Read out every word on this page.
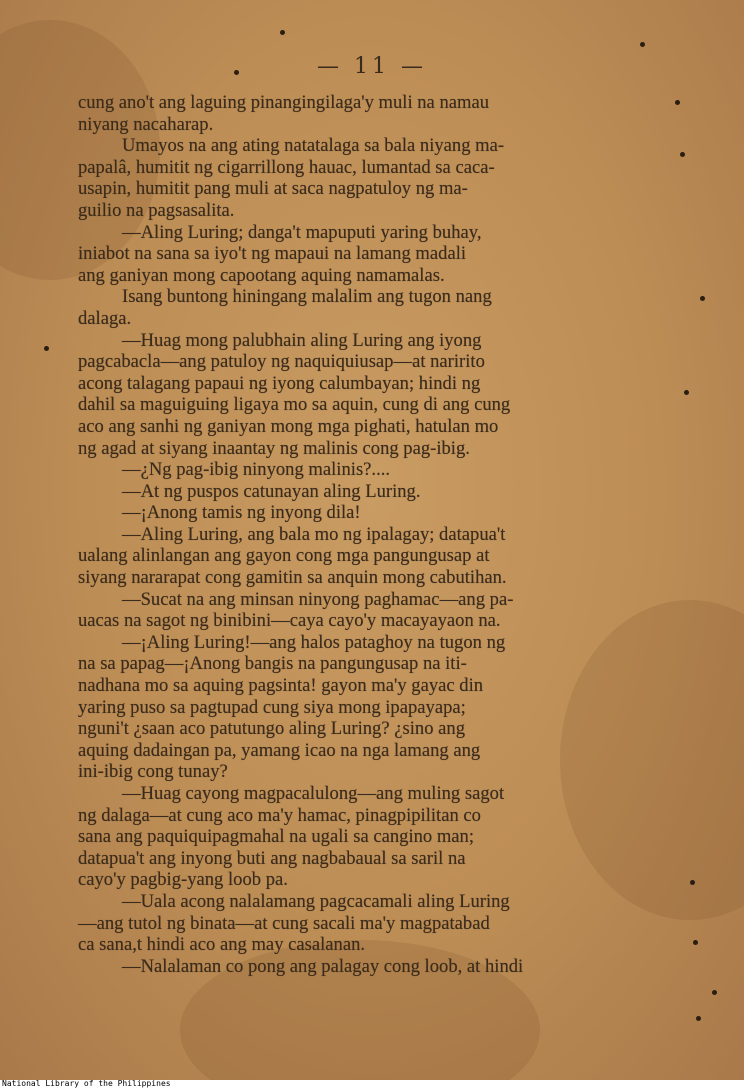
— 11 —
cung ano't ang laguing pinangingilaga'y muli na namau
niyang nacaharap.
Umayos na ang ating natatalaga sa bala niyang ma-
papalâ, humitit ng cigarrillong hauac, lumantad sa caca-
usapin, humitit pang muli at saca nagpatuloy ng ma-
guilio na pagsasalita.
—Aling Luring; danga't mapuputi yaring buhay,
iniabot na sana sa iyo't ng mapaui na lamang madali
ang ganiyan mong capootang aquing namamalas.
Isang buntong hiningang malalim ang tugon nang
dalaga.
—Huag mong palubhain aling Luring ang iyong
pagcabacla—ang patuloy ng naquiquiusap—at naririto
acong talagang papaui ng iyong calumbayan; hindi ng
dahil sa maguiguing ligaya mo sa aquin, cung di ang cung
aco ang sanhi ng ganiyan mong mga pighati, hatulan mo
ng agad at siyang inaantay ng malinis cong pag-ibig.
—¿Ng pag-ibig ninyong malinis?....
—At ng puspos catunayan aling Luring.
—¡Anong tamis ng inyong dila!
—Aling Luring, ang bala mo ng ipalagay; datapua't
ualang alinlangan ang gayon cong mga pangungusap at
siyang nararapat cong gamitin sa anquin mong cabutihan.
—Sucat na ang minsan ninyong paghamac—ang pa-
uacas na sagot ng binibini—caya cayo'y macayayaon na.
—¡Aling Luring!—ang halos pataghoy na tugon ng
na sa papag—¡Anong bangis na pangungusap na iti-
nadhana mo sa aquing pagsinta! gayon ma'y gayac din
yaring puso sa pagtupad cung siya mong ipapayapa;
nguni't ¿saan aco patutungo aling Luring? ¿sino ang
aquing dadaingan pa, yamang icao na nga lamang ang
ini-ibig cong tunay?
—Huag cayong magpacalulong—ang muling sagot
ng dalaga—at cung aco ma'y hamac, pinagpipilitan co
sana ang paquiquipagmahal na ugali sa cangino man;
datapua't ang inyong buti ang nagbabaual sa saril na
cayo'y pagbig-yang loob pa.
—Uala acong nalalamang pagcacamali aling Luring
—ang tutol ng binata—at cung sacali ma'y magpatabad
ca sana,t hindi aco ang may casalanan.
—Nalalaman co pong ang palagay cong loob, at hindi
National Library of the Philippines
